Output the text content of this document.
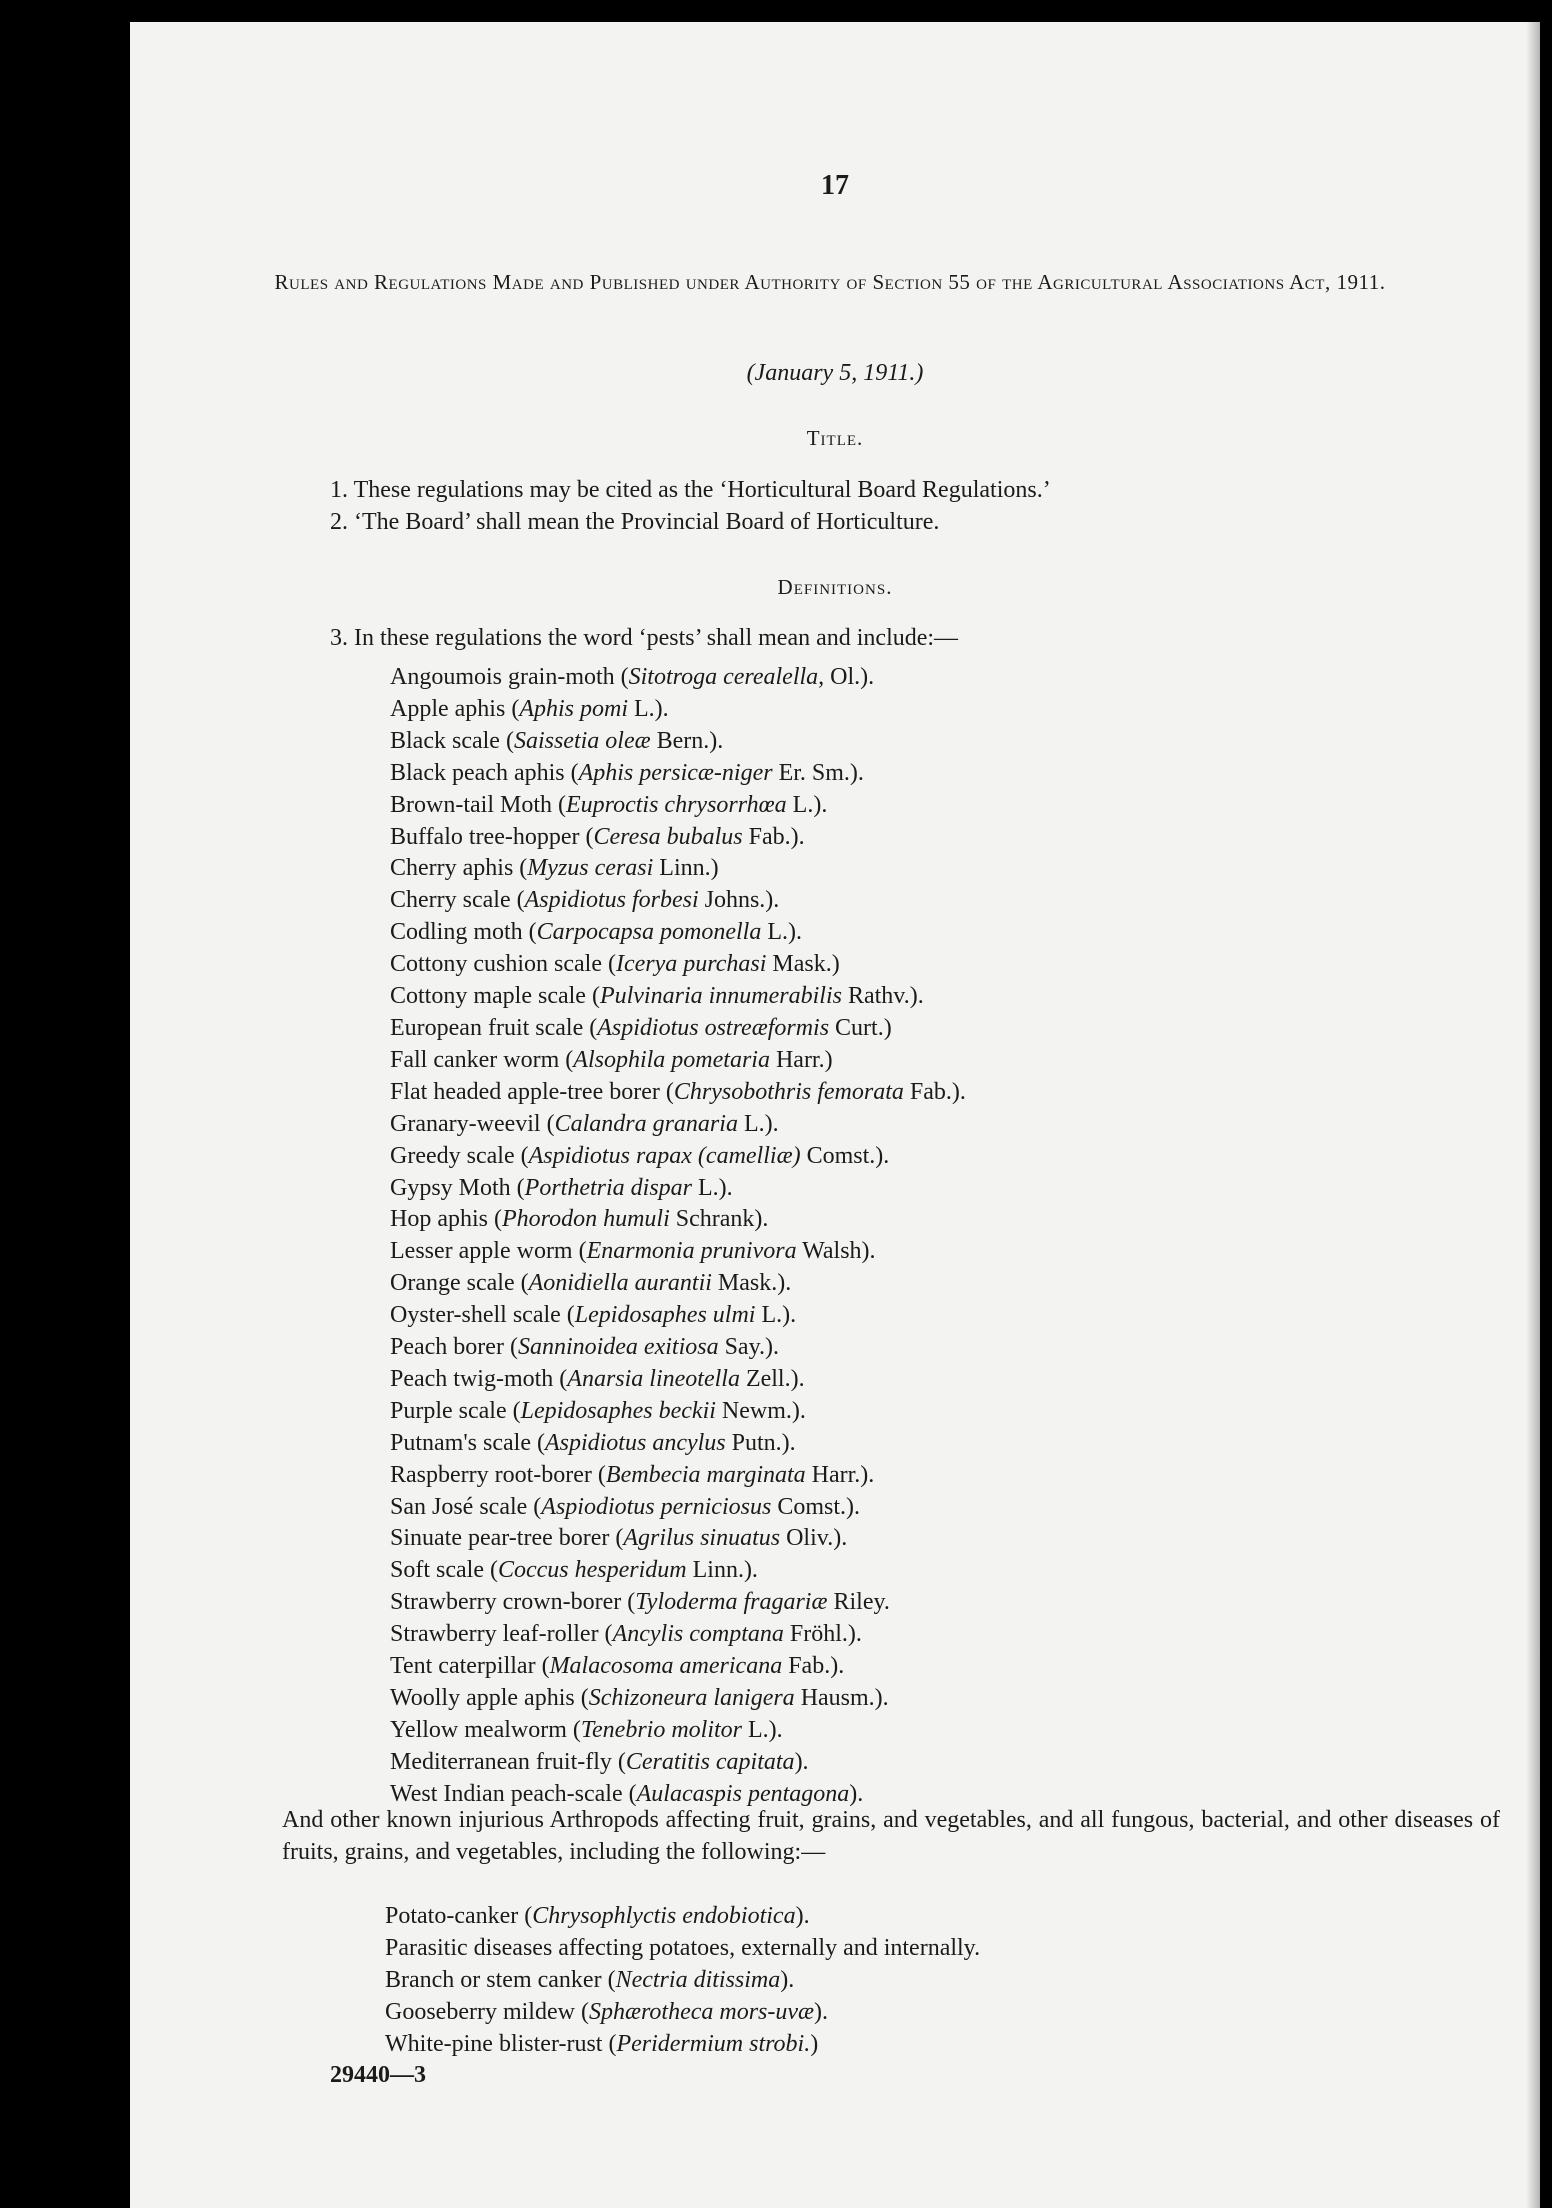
17
Rules and Regulations Made and Published under Authority of Section 55 of the Agricultural Associations Act, 1911.
(January 5, 1911.)
Title.
1. These regulations may be cited as the ‘Horticultural Board Regulations.’
2. ‘The Board’ shall mean the Provincial Board of Horticulture.
Definitions.
3. In these regulations the word ‘pests’ shall mean and include:—
Angoumois grain-moth (Sitotroga cerealella, Ol.).
Apple aphis (Aphis pomi L.).
Black scale (Saissetia oleæ Bern.).
Black peach aphis (Aphis persicæ-niger Er. Sm.).
Brown-tail Moth (Euproctis chrysorrhœa L.).
Buffalo tree-hopper (Ceresa bubalus Fab.).
Cherry aphis (Myzus cerasi Linn.)
Cherry scale (Aspidiotus forbesi Johns.).
Codling moth (Carpocapsa pomonella L.).
Cottony cushion scale (Icerya purchasi Mask.)
Cottony maple scale (Pulvinaria innumerabilis Rathv.).
European fruit scale (Aspidiotus ostreæformis Curt.)
Fall canker worm (Alsophila pometaria Harr.)
Flat headed apple-tree borer (Chrysobothris femorata Fab.).
Granary-weevil (Calandra granaria L.).
Greedy scale (Aspidiotus rapax (camelliæ) Comst.).
Gypsy Moth (Porthetria dispar L.).
Hop aphis (Phorodon humuli Schrank).
Lesser apple worm (Enarmonia prunivora Walsh).
Orange scale (Aonidiella aurantii Mask.).
Oyster-shell scale (Lepidosaphes ulmi L.).
Peach borer (Sanninoidea exitiosa Say.).
Peach twig-moth (Anarsia lineotella Zell.).
Purple scale (Lepidosaphes beckii Newm.).
Putnam's scale (Aspidiotus ancylus Putn.).
Raspberry root-borer (Bembecia marginata Harr.).
San José scale (Aspiodiotus perniciosus Comst.).
Sinuate pear-tree borer (Agrilus sinuatus Oliv.).
Soft scale (Coccus hesperidum Linn.).
Strawberry crown-borer (Tyloderma fragariæ Riley.
Strawberry leaf-roller (Ancylis comptana Fröhl.).
Tent caterpillar (Malacosoma americana Fab.).
Woolly apple aphis (Schizoneura lanigera Hausm.).
Yellow mealworm (Tenebrio molitor L.).
Mediterranean fruit-fly (Ceratitis capitata).
West Indian peach-scale (Aulacaspis pentagona).
And other known injurious Arthropods affecting fruit, grains, and vegetables, and all fungous, bacterial, and other diseases of fruits, grains, and vegetables, including the following:—
Potato-canker (Chrysophlyctis endobiotica).
Parasitic diseases affecting potatoes, externally and internally.
Branch or stem canker (Nectria ditissima).
Gooseberry mildew (Sphærotheca mors-uvæ).
White-pine blister-rust (Peridermium strobi.)
29440—3
